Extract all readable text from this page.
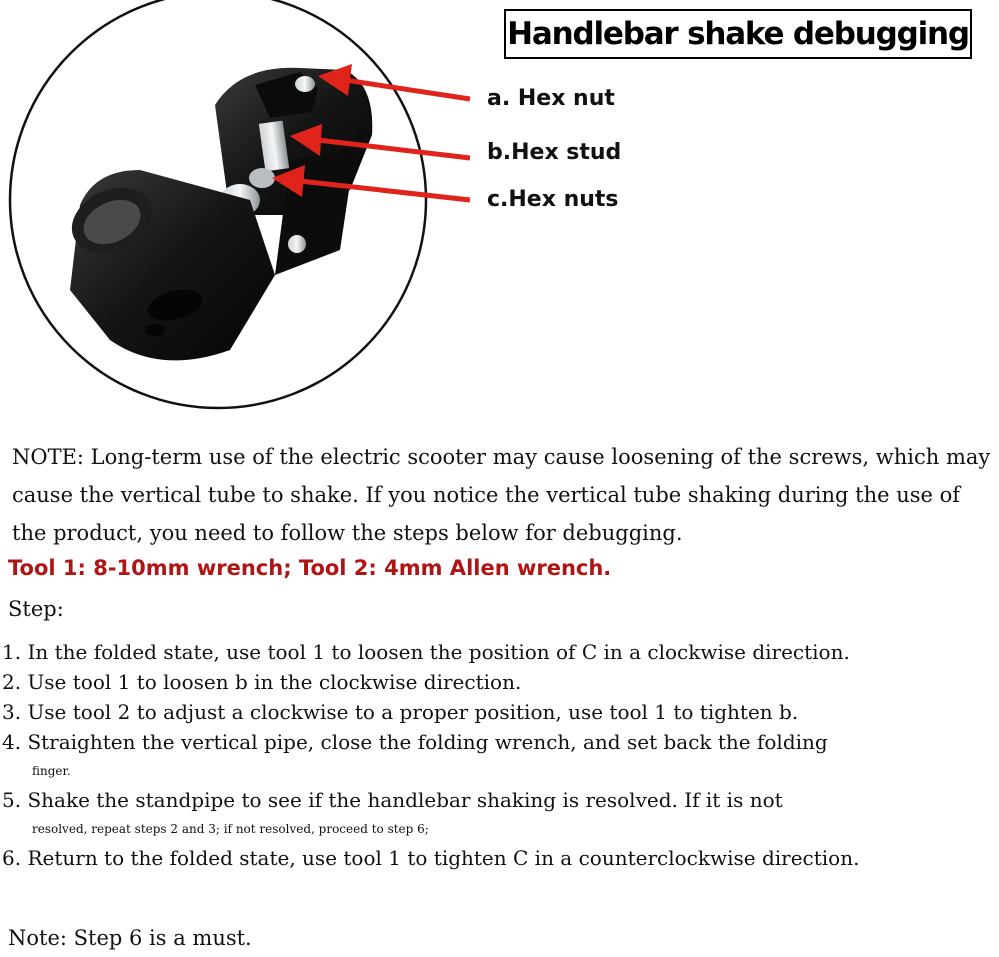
Handlebar shake debugging
a. Hex nut
b.Hex stud
c.Hex nuts
NOTE: Long-term use of the electric scooter may cause loosening of the screws, which may cause the vertical tube to shake. If you notice the vertical tube shaking during the use of the product, you need to follow the steps below for debugging.
Tool 1: 8-10mm wrench; Tool 2: 4mm Allen wrench.
Step:
1. In the folded state, use tool 1 to loosen the position of C in a clockwise direction.
2. Use tool 1 to loosen b in the clockwise direction.
3. Use tool 2 to adjust a clockwise to a proper position, use tool 1 to tighten b.
4. Straighten the vertical pipe, close the folding wrench, and set back the folding
finger.
5. Shake the standpipe to see if the handlebar shaking is resolved. If it is not
resolved, repeat steps 2 and 3; if not resolved, proceed to step 6;
6. Return to the folded state, use tool 1 to tighten C in a counterclockwise direction.
Note: Step 6 is a must.
